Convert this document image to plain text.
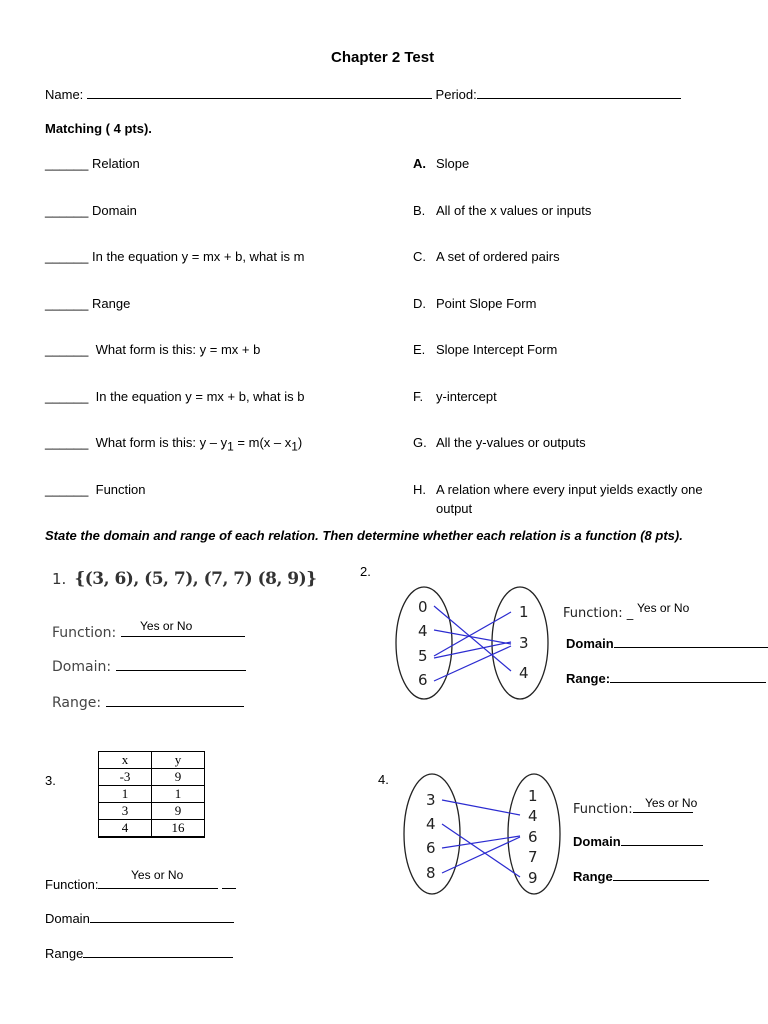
Chapter 2 Test
Name:	Period:
Matching ( 4 pts).
______ Relation
______ Domain
______ In the equation y = mx + b, what is m
______ Range
______ What form is this: y = mx + b
______ In the equation y = mx + b, what is b
______ What form is this: $y - y_1 = m(x - x_1)$
______ Function
A. Slope
B. All of the x values or inputs
C. A set of ordered pairs
D. Point Slope Form
E. Slope Intercept Form
F. y-intercept
G. All the y-values or outputs
H. A relation where every input yields exactly one
output
State the domain and range of each relation. Then determine whether each relation is a function (8 pts).
1. {(3, 6), (5, 7), (7, 7) (8, 9)}
Function:	Yes or No
Domain:
Range:
2.
0
4
5
6
1
3
4
Function: _ Yes or No
Domain
Range:
3.
x	y
-3	9
1	1
3	9
4	16
Yes or No
Function:
Domain
Range
4.
3
4
6
8
1
4
6
7
9
Function:	Yes or No
Domain
Range
